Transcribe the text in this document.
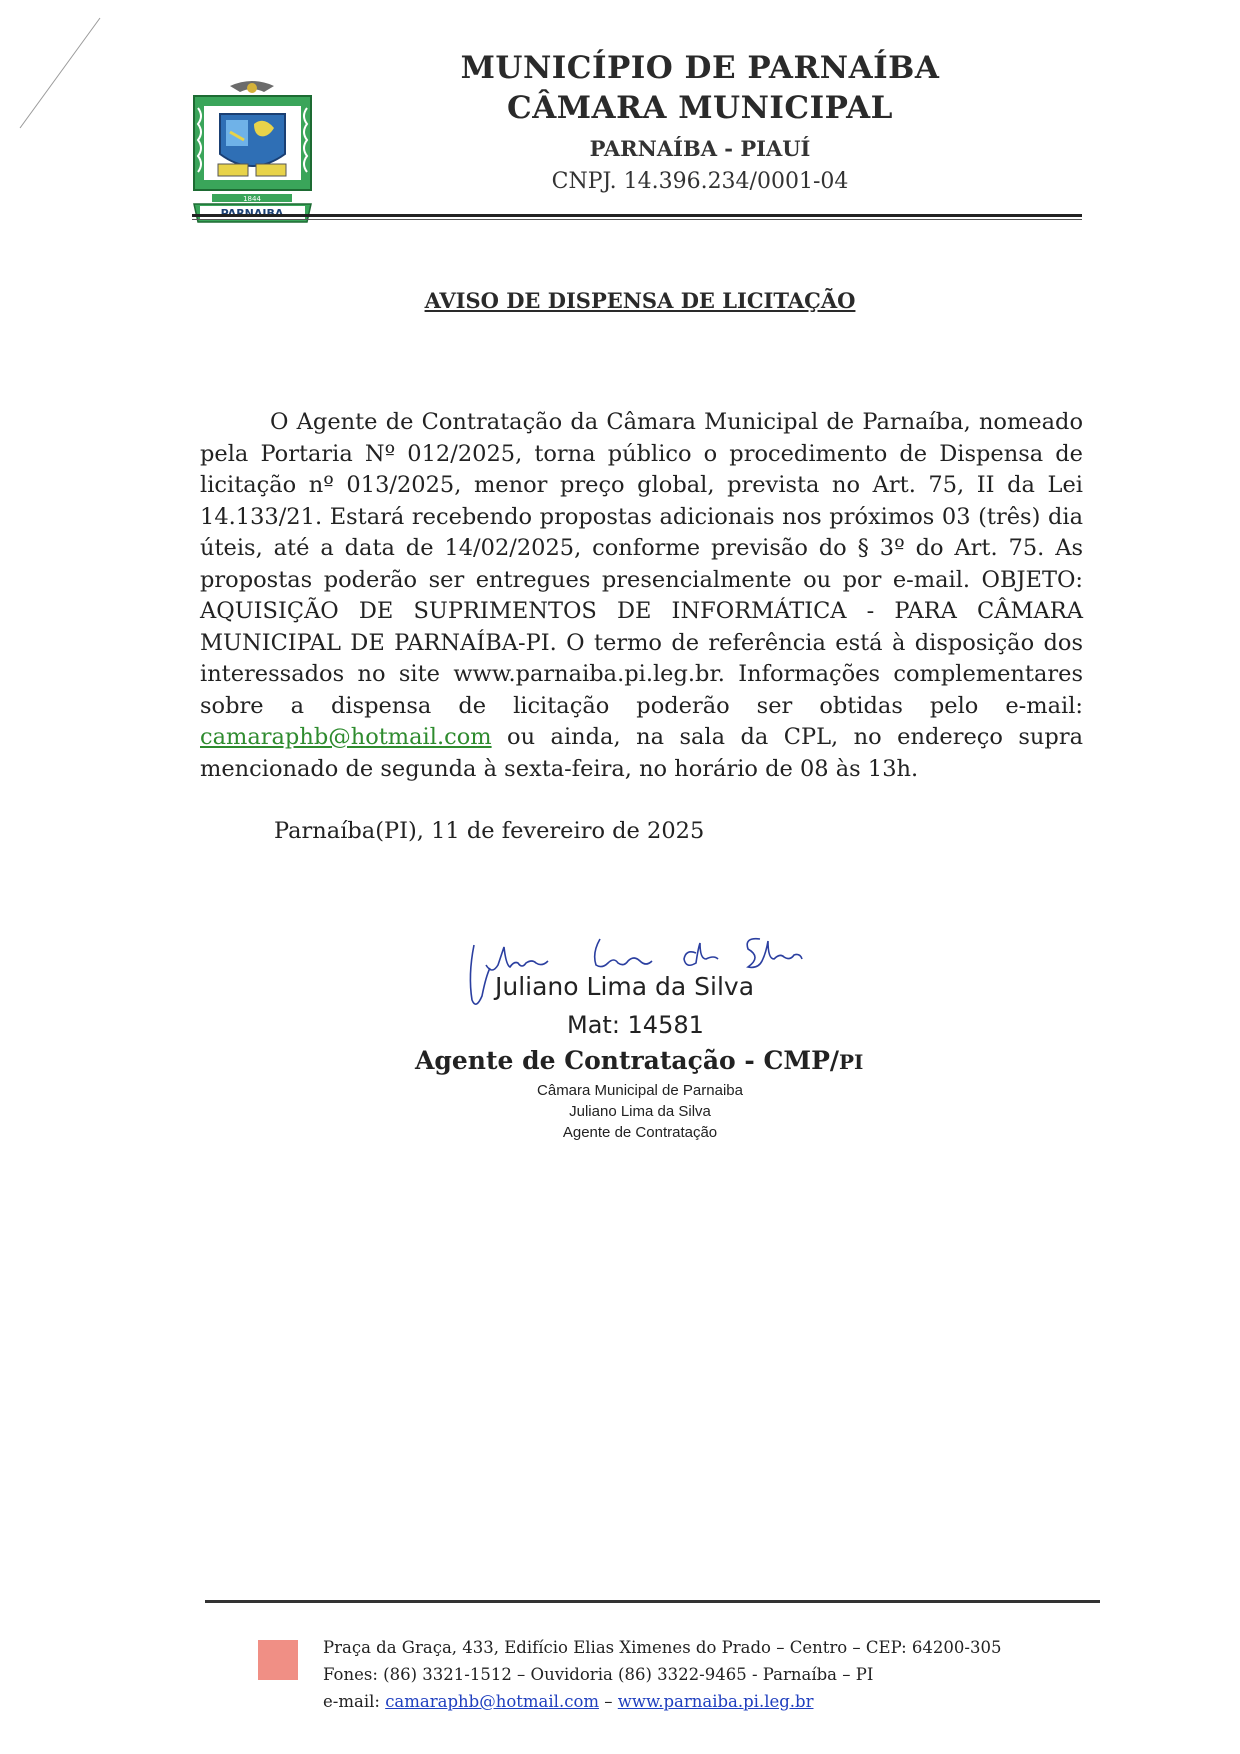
1844
MUNICÍPIO DE PARNAÍBA
CÂMARA MUNICIPAL
PARNAÍBA - PIAUÍ
CNPJ. 14.396.234/0001-04
AVISO DE DISPENSA DE LICITAÇÃO

O Agente de Contratação da Câmara Municipal de Parnaíba, nomeado pela Portaria Nº 012/2025, torna público o procedimento de Dispensa de licitação nº 013/2025, menor preço global, prevista no Art. 75, II da Lei 14.133/21. Estará recebendo propostas adicionais nos próximos 03 (três) dia úteis, até a data de 14/02/2025, conforme previsão do § 3º do Art. 75. As propostas poderão ser entregues presencialmente ou por e-mail. OBJETO: AQUISIÇÃO DE SUPRIMENTOS DE INFORMÁTICA - PARA CÂMARA MUNICIPAL DE PARNAÍBA-PI. O termo de referência está à disposição dos interessados no site www.parnaiba.pi.leg.br. Informações complementares sobre a dispensa de licitação poderão ser obtidas pelo e-mail: camaraphb@hotmail.com ou ainda, na sala da CPL, no endereço supra mencionado de segunda à sexta-feira, no horário de 08 às 13h.

Parnaíba(PI), 11 de fevereiro de 2025
Juliano Lima da Silva
Mat: 14581
Agente de Contratação - CMP/PI
Câmara Municipal de Parnaiba
Juliano Lima da Silva
Agente de Contratação
Praça da Graça, 433, Edifício Elias Ximenes do Prado – Centro – CEP: 64200-305
Fones: (86) 3321-1512 – Ouvidoria (86) 3322-9465 - Parnaíba – PI
e-mail: camaraphb@hotmail.com – www.parnaiba.pi.leg.br
